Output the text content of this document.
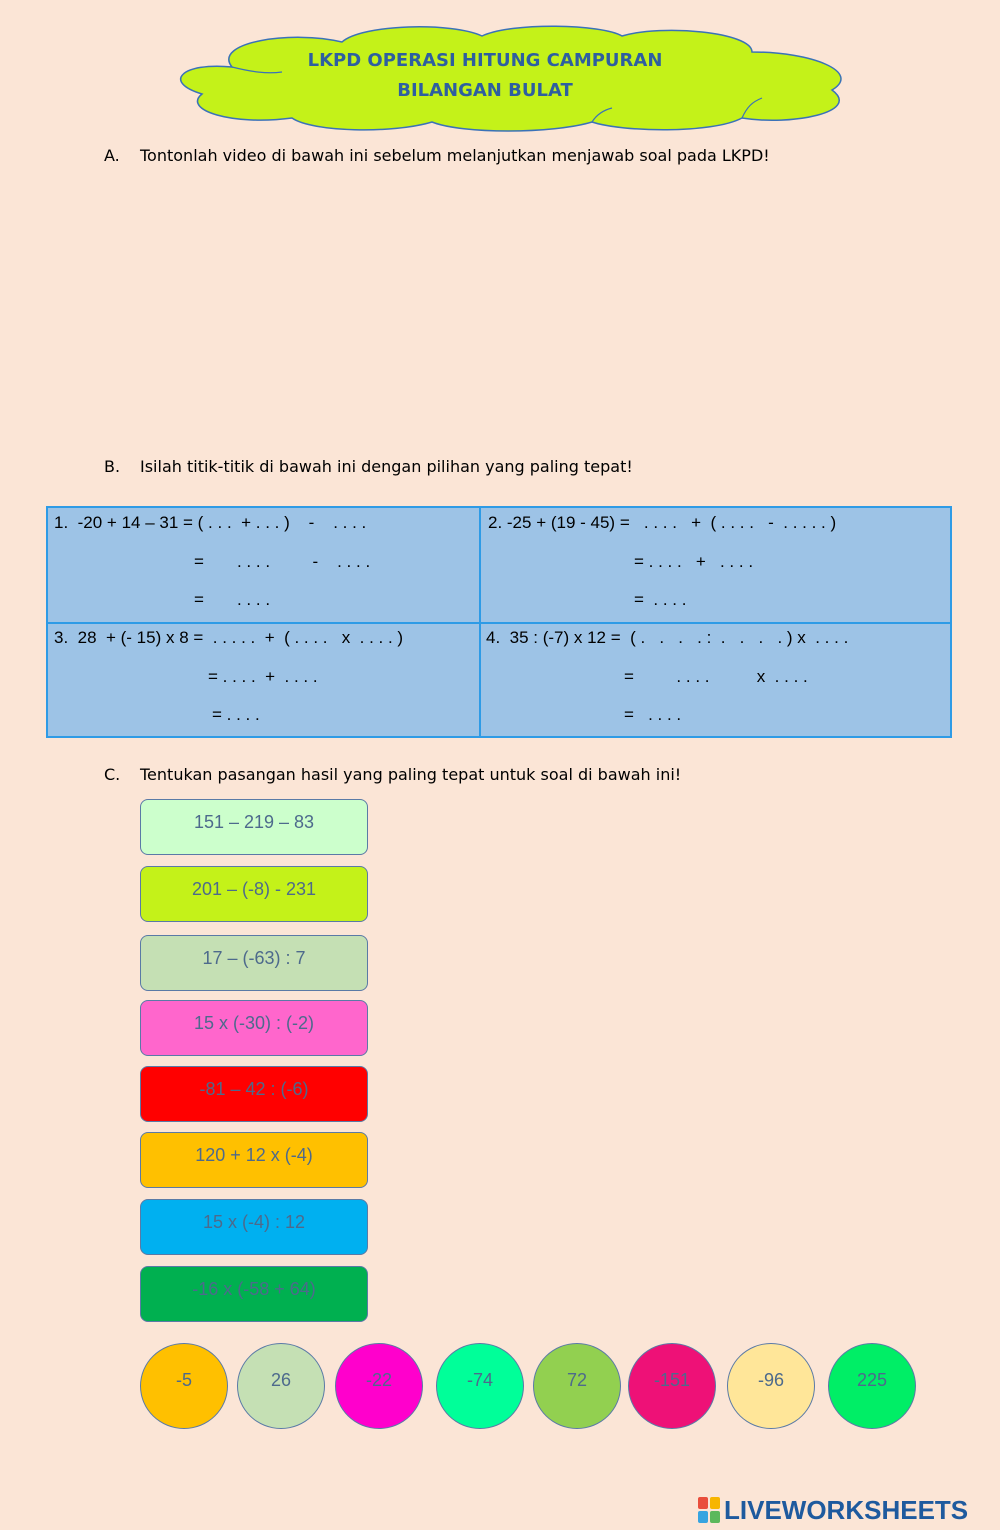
LKPD OPERASI HITUNG CAMPURAN
BILANGAN BULAT
A. Tontonlah video di bawah ini sebelum melanjutkan menjawab soal pada LKPD!
B. Isilah titik-titik di bawah ini dengan pilihan yang paling tepat!
1.  -20 + 14 – 31 = ( . . .  + . . . )    -    . . . .
=       . . . .         -    . . . .
=       . . . .
2. -25 + (19 - 45) =   . . . .   +  ( . . . .   -  . . . . . )
= . . . .   +   . . . .
=  . . . .
3.  28  + (- 15) x 8 =  . . . . .  +  ( . . . .   x  . . . . )
= . . . .  +  . . . .
= . . . .
4.  35 : (-7) x 12 =  ( .   .   .   . :  .   .   .   . ) x  . . . .
=         . . . .          x  . . . .
=   . . . .
C. Tentukan pasangan hasil yang paling tepat untuk soal di bawah ini!
151 – 219 – 83
201 – (-8) - 231
17 – (-63) : 7
15 x (-30) : (-2)
-81 – 42 : (-6)
120 + 12 x (-4)
15 x (-4) : 12
-16 x (-58 + 64)
-5	26	-22	-74	72	-151	-96	225
LIVEWORKSHEETS
